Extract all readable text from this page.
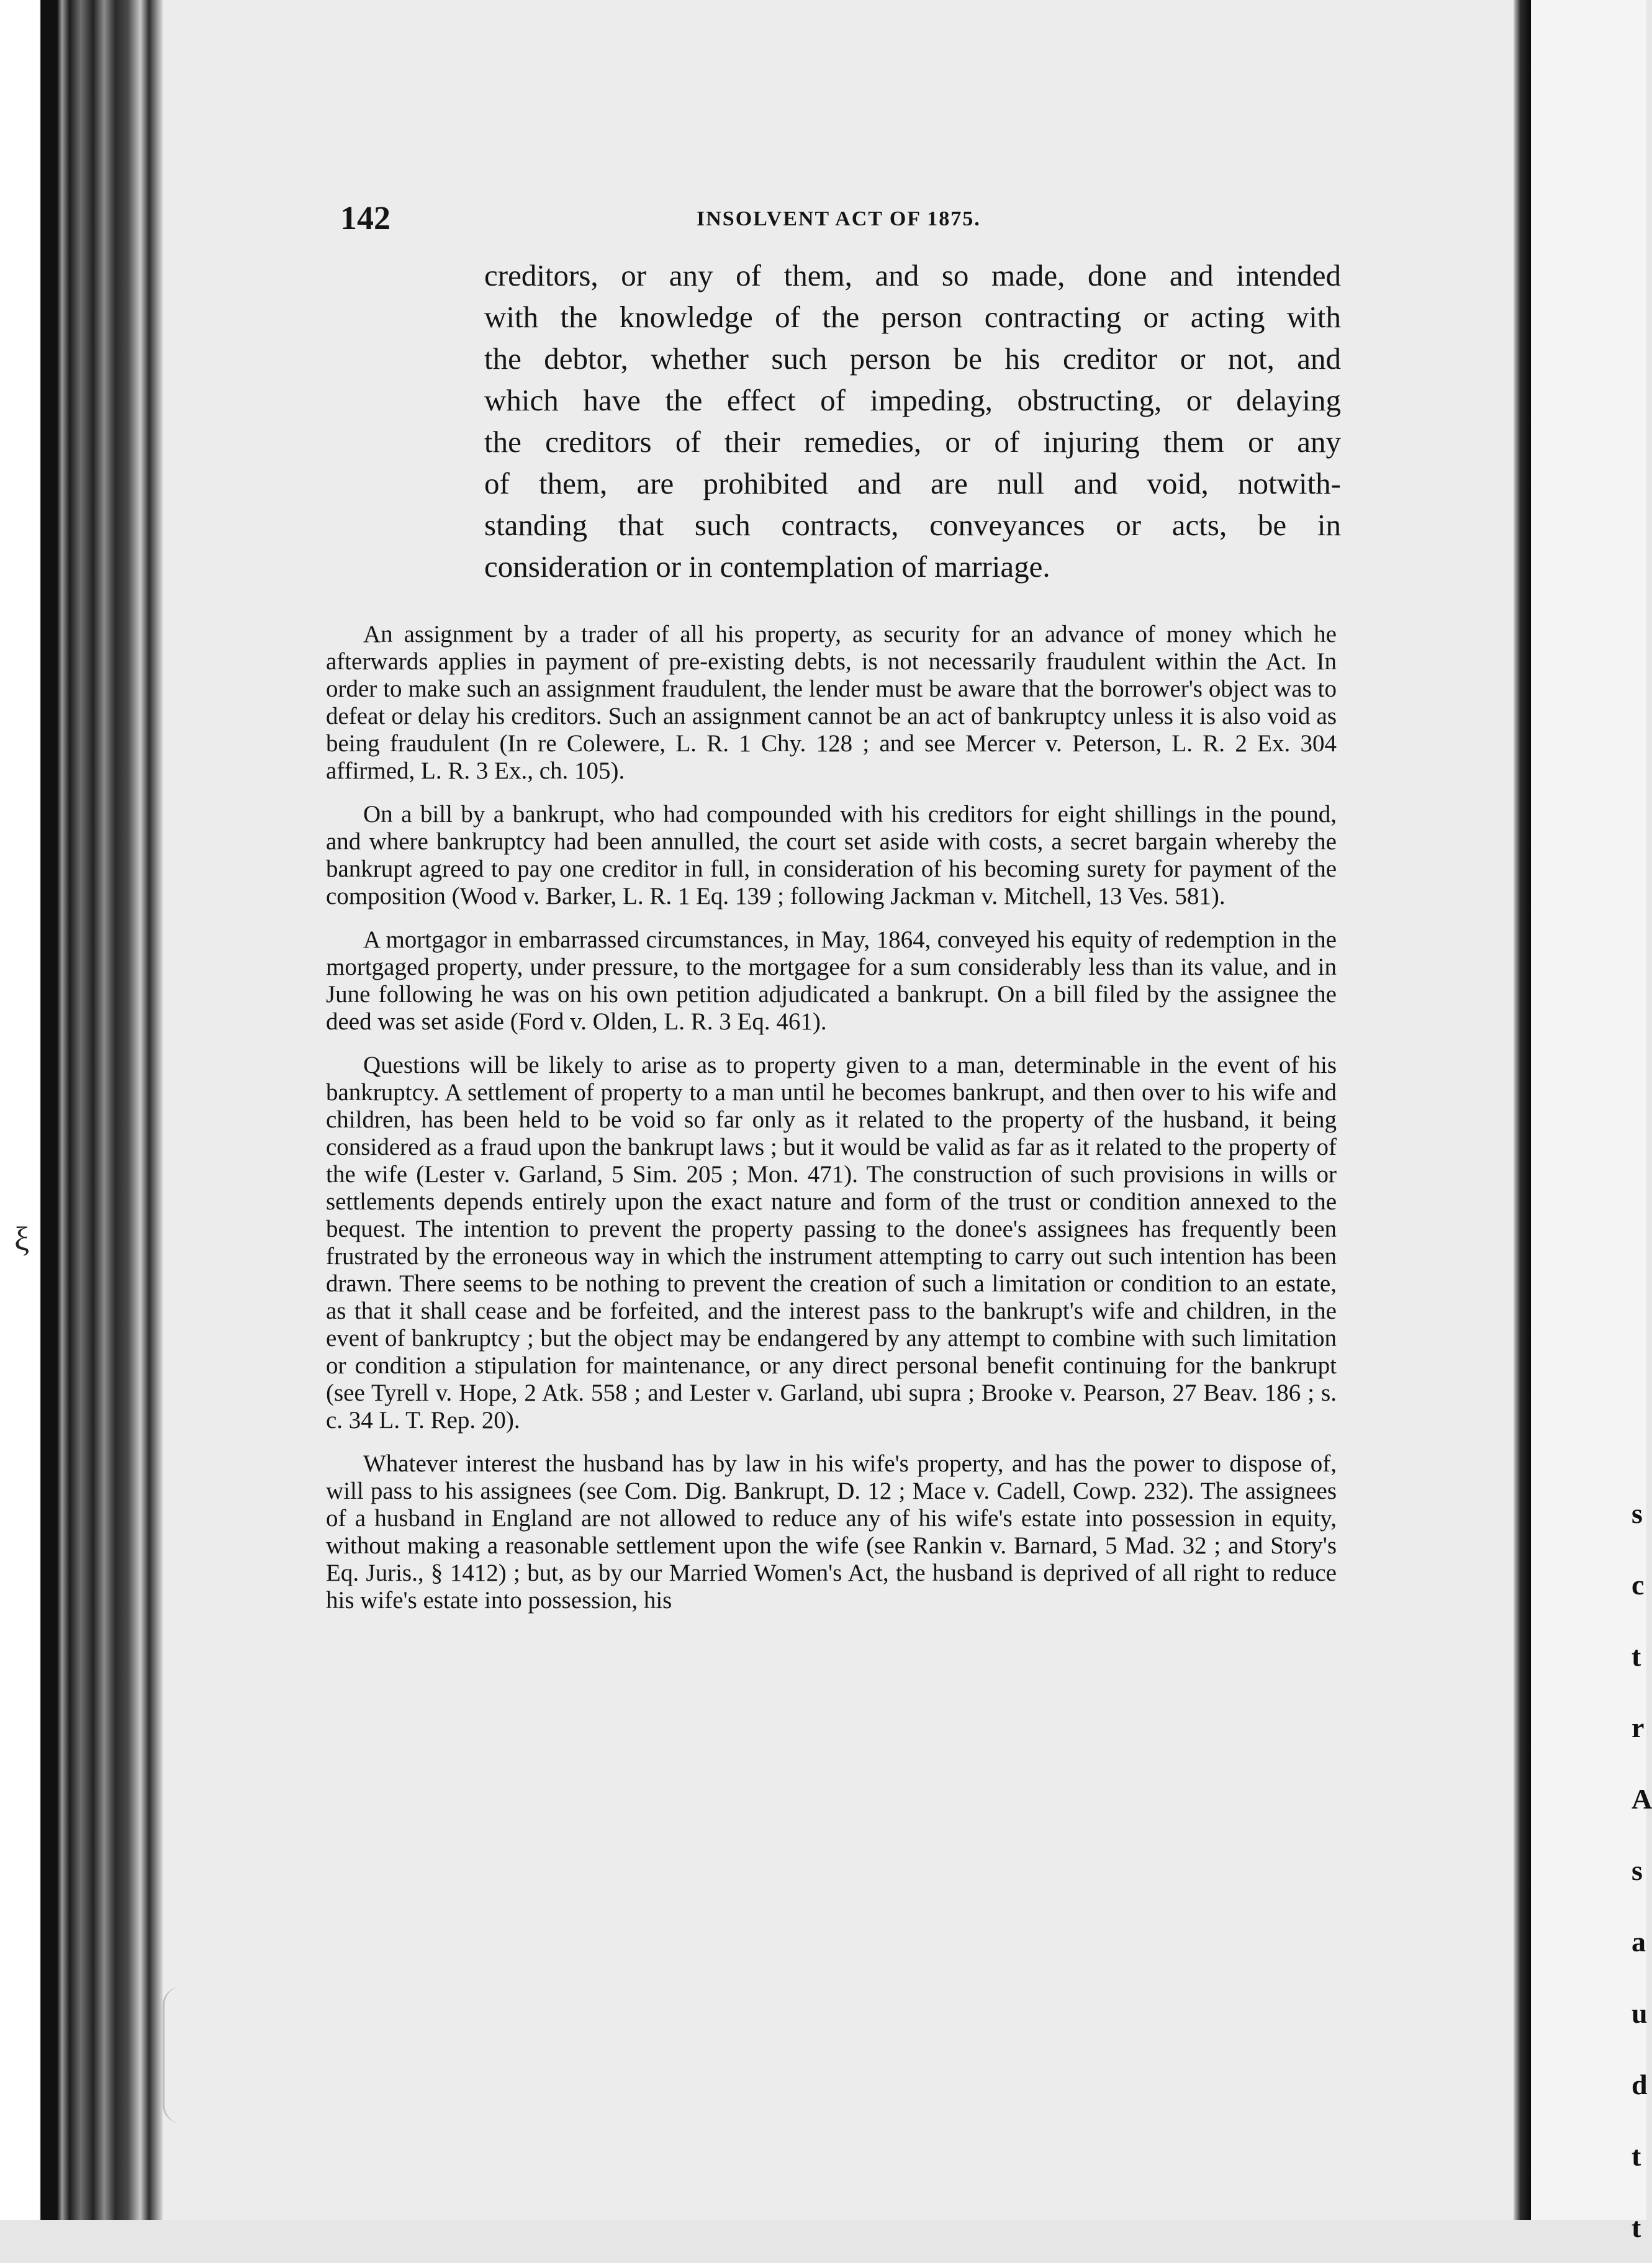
142	INSOLVENT ACT OF 1875.
creditors, or any of them, and so made, done and intended
with the knowledge of the person contracting or acting with
the debtor, whether such person be his creditor or not, and
which have the effect of impeding, obstructing, or delaying
the creditors of their remedies, or of injuring them or any
of them, are prohibited and are null and void, notwith-
standing that such contracts, conveyances or acts, be in
consideration or in contemplation of marriage.

An assignment by a trader of all his property, as security for an advance of money which he afterwards applies in payment of pre-existing debts, is not necessarily fraudulent within the Act. In order to make such an assignment fraudulent, the lender must be aware that the borrower's object was to defeat or delay his creditors. Such an assignment cannot be an act of bankruptcy unless it is also void as being fraudulent (In re Colewere, L. R. 1 Chy. 128 ; and see Mercer v. Peterson, L. R. 2 Ex. 304 affirmed, L. R. 3 Ex., ch. 105).

On a bill by a bankrupt, who had compounded with his creditors for eight shillings in the pound, and where bankruptcy had been annulled, the court set aside with costs, a secret bargain whereby the bankrupt agreed to pay one creditor in full, in consideration of his becoming surety for payment of the composition (Wood v. Barker, L. R. 1 Eq. 139 ; following Jackman v. Mitchell, 13 Ves. 581).

A mortgagor in embarrassed circumstances, in May, 1864, conveyed his equity of redemption in the mortgaged property, under pressure, to the mortgagee for a sum considerably less than its value, and in June following he was on his own petition adjudicated a bankrupt. On a bill filed by the assignee the deed was set aside (Ford v. Olden, L. R. 3 Eq. 461).

Questions will be likely to arise as to property given to a man, determinable in the event of his bankruptcy. A settlement of property to a man until he becomes bankrupt, and then over to his wife and children, has been held to be void so far only as it related to the property of the husband, it being considered as a fraud upon the bankrupt laws ; but it would be valid as far as it related to the property of the wife (Lester v. Garland, 5 Sim. 205 ; Mon. 471). The construction of such provisions in wills or settlements depends entirely upon the exact nature and form of the trust or condition annexed to the bequest. The intention to prevent the property passing to the donee's assignees has frequently been frustrated by the erroneous way in which the instrument attempting to carry out such intention has been drawn. There seems to be nothing to prevent the creation of such a limitation or condition to an estate, as that it shall cease and be forfeited, and the interest pass to the bankrupt's wife and children, in the event of bankruptcy ; but the object may be endangered by any attempt to combine with such limitation or condition a stipulation for maintenance, or any direct personal benefit continuing for the bankrupt (see Tyrell v. Hope, 2 Atk. 558 ; and Lester v. Garland, ubi supra ; Brooke v. Pearson, 27 Beav. 186 ; s. c. 34 L. T. Rep. 20).

Whatever interest the husband has by law in his wife's property, and has the power to dispose of, will pass to his assignees (see Com. Dig. Bankrupt, D. 12 ; Mace v. Cadell, Cowp. 232). The assignees of a husband in England are not allowed to reduce any of his wife's estate into possession in equity, without making a reasonable settlement upon the wife (see Rankin v. Barnard, 5 Mad. 32 ; and Story's Eq. Juris., § 1412) ; but, as by our Married Women's Act, the husband is deprived of all right to reduce his wife's estate into possession, his

ξ
s
c
t
r
A
s
a
u
d
t
t
